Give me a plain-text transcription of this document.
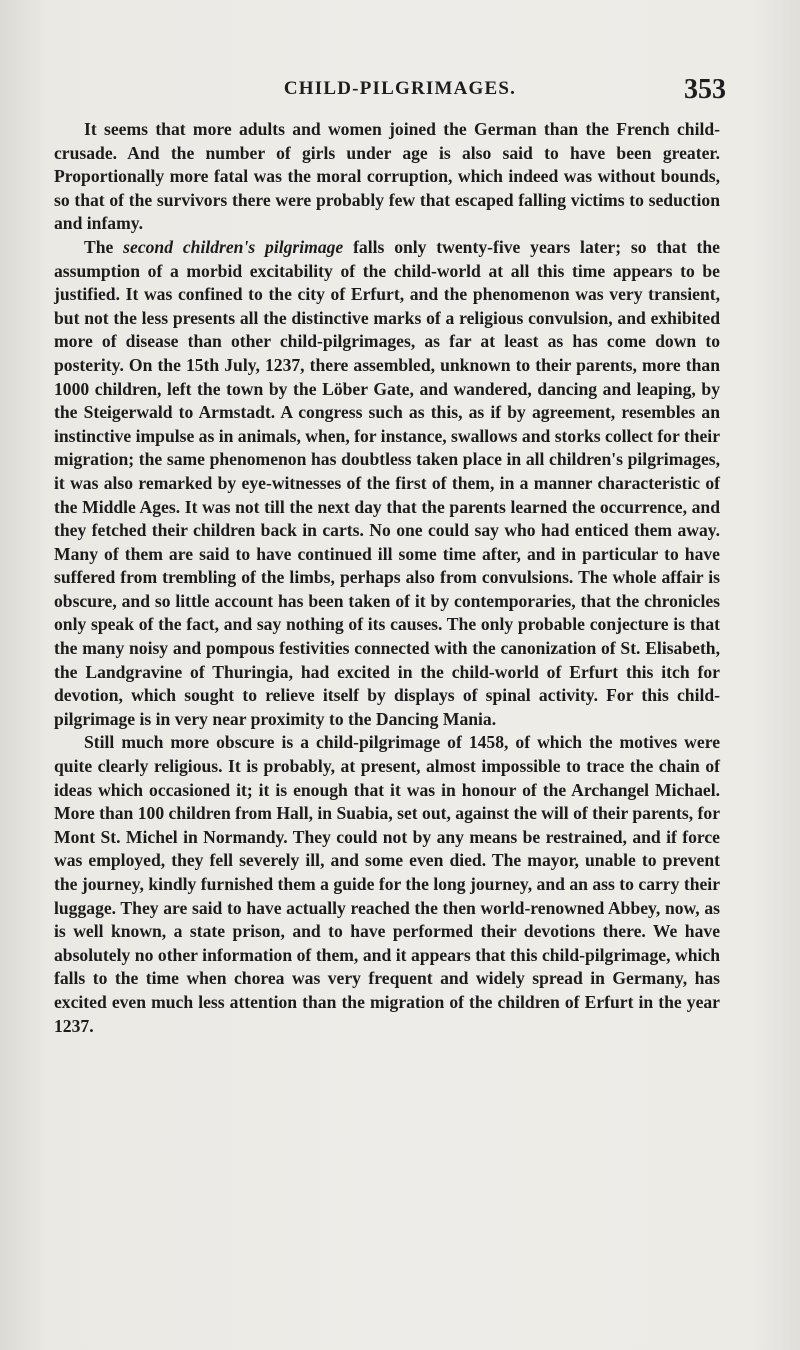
CHILD-PILGRIMAGES.	353

It seems that more adults and women joined the German than the French child-crusade. And the number of girls under age is also said to have been greater. Proportionally more fatal was the moral corruption, which indeed was without bounds, so that of the survivors there were probably few that escaped falling victims to seduction and infamy.

The second children's pilgrimage falls only twenty-five years later; so that the assumption of a morbid excitability of the child-world at all this time appears to be justified. It was confined to the city of Erfurt, and the phenomenon was very transient, but not the less presents all the distinctive marks of a religious convulsion, and exhibited more of disease than other child-pilgrimages, as far at least as has come down to posterity. On the 15th July, 1237, there assembled, unknown to their parents, more than 1000 children, left the town by the Löber Gate, and wandered, dancing and leaping, by the Steigerwald to Armstadt. A congress such as this, as if by agreement, resembles an instinctive impulse as in animals, when, for instance, swallows and storks collect for their migration; the same phenomenon has doubtless taken place in all children's pilgrimages, it was also remarked by eye-witnesses of the first of them, in a manner characteristic of the Middle Ages. It was not till the next day that the parents learned the occurrence, and they fetched their children back in carts. No one could say who had enticed them away. Many of them are said to have continued ill some time after, and in particular to have suffered from trembling of the limbs, perhaps also from convulsions. The whole affair is obscure, and so little account has been taken of it by contemporaries, that the chronicles only speak of the fact, and say nothing of its causes. The only probable conjecture is that the many noisy and pompous festivities connected with the canonization of St. Elisabeth, the Landgravine of Thuringia, had excited in the child-world of Erfurt this itch for devotion, which sought to relieve itself by displays of spinal activity. For this child-pilgrimage is in very near proximity to the Dancing Mania.

Still much more obscure is a child-pilgrimage of 1458, of which the motives were quite clearly religious. It is probably, at present, almost impossible to trace the chain of ideas which occasioned it; it is enough that it was in honour of the Archangel Michael. More than 100 children from Hall, in Suabia, set out, against the will of their parents, for Mont St. Michel in Normandy. They could not by any means be restrained, and if force was employed, they fell severely ill, and some even died. The mayor, unable to prevent the journey, kindly furnished them a guide for the long journey, and an ass to carry their luggage. They are said to have actually reached the then world-renowned Abbey, now, as is well known, a state prison, and to have performed their devotions there. We have absolutely no other information of them, and it appears that this child-pilgrimage, which falls to the time when chorea was very frequent and widely spread in Germany, has excited even much less attention than the migration of the children of Erfurt in the year 1237.
